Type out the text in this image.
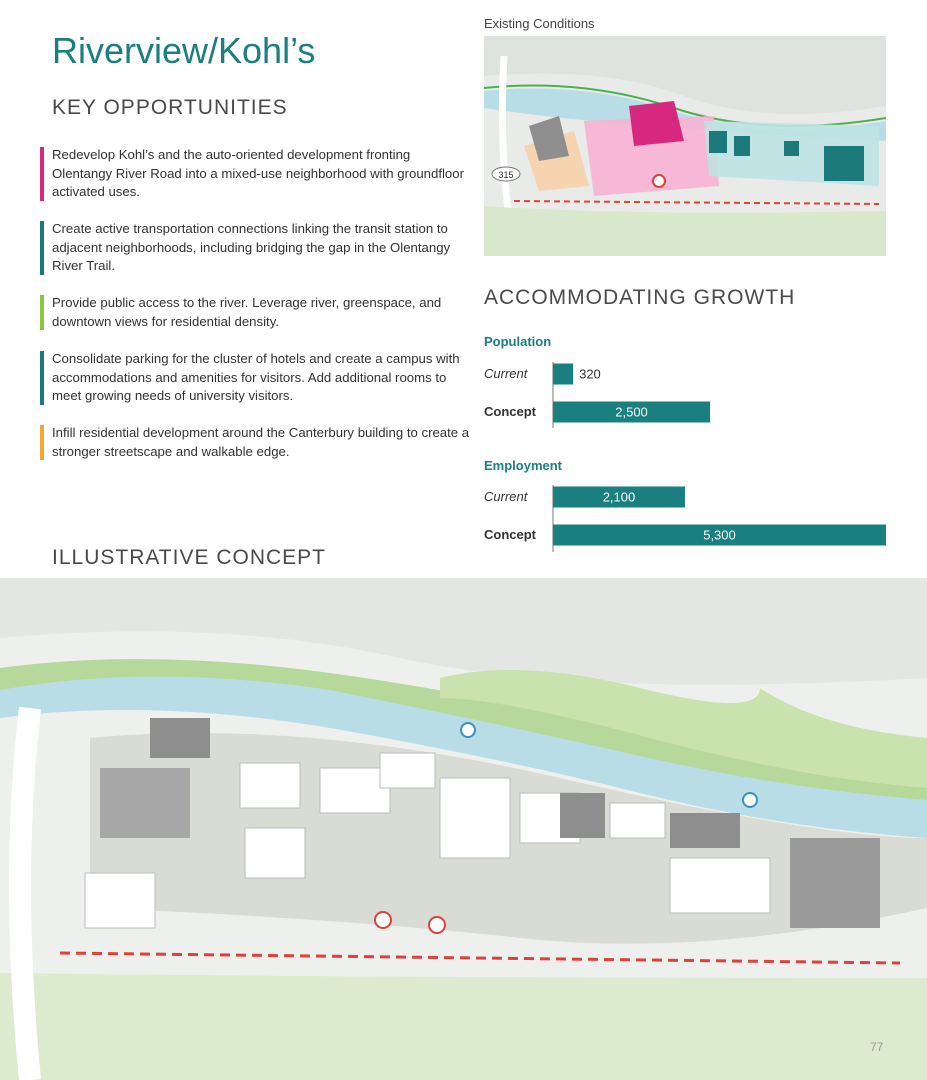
Riverview/Kohl’s
KEY OPPORTUNITIES
Redevelop Kohl’s and the auto-oriented development fronting Olentangy River Road into a mixed-use neighborhood with groundfloor activated uses.
Create active transportation connections linking the transit station to adjacent neighborhoods, including bridging the gap in the Olentangy River Trail.
Provide public access to the river. Leverage river, greenspace, and downtown views for residential density.
Consolidate parking for the cluster of hotels and create a campus with accommodations and amenities for visitors. Add additional rooms to meet growing needs of university visitors.
Infill residential development around the Canterbury building to create a stronger streetscape and walkable edge.
ILLUSTRATIVE CONCEPT
Existing Conditions
315
ACCOMMODATING GROWTH
Population
Current	320
Concept	2,500
Employment
Current	2,100
Concept	5,300
77
